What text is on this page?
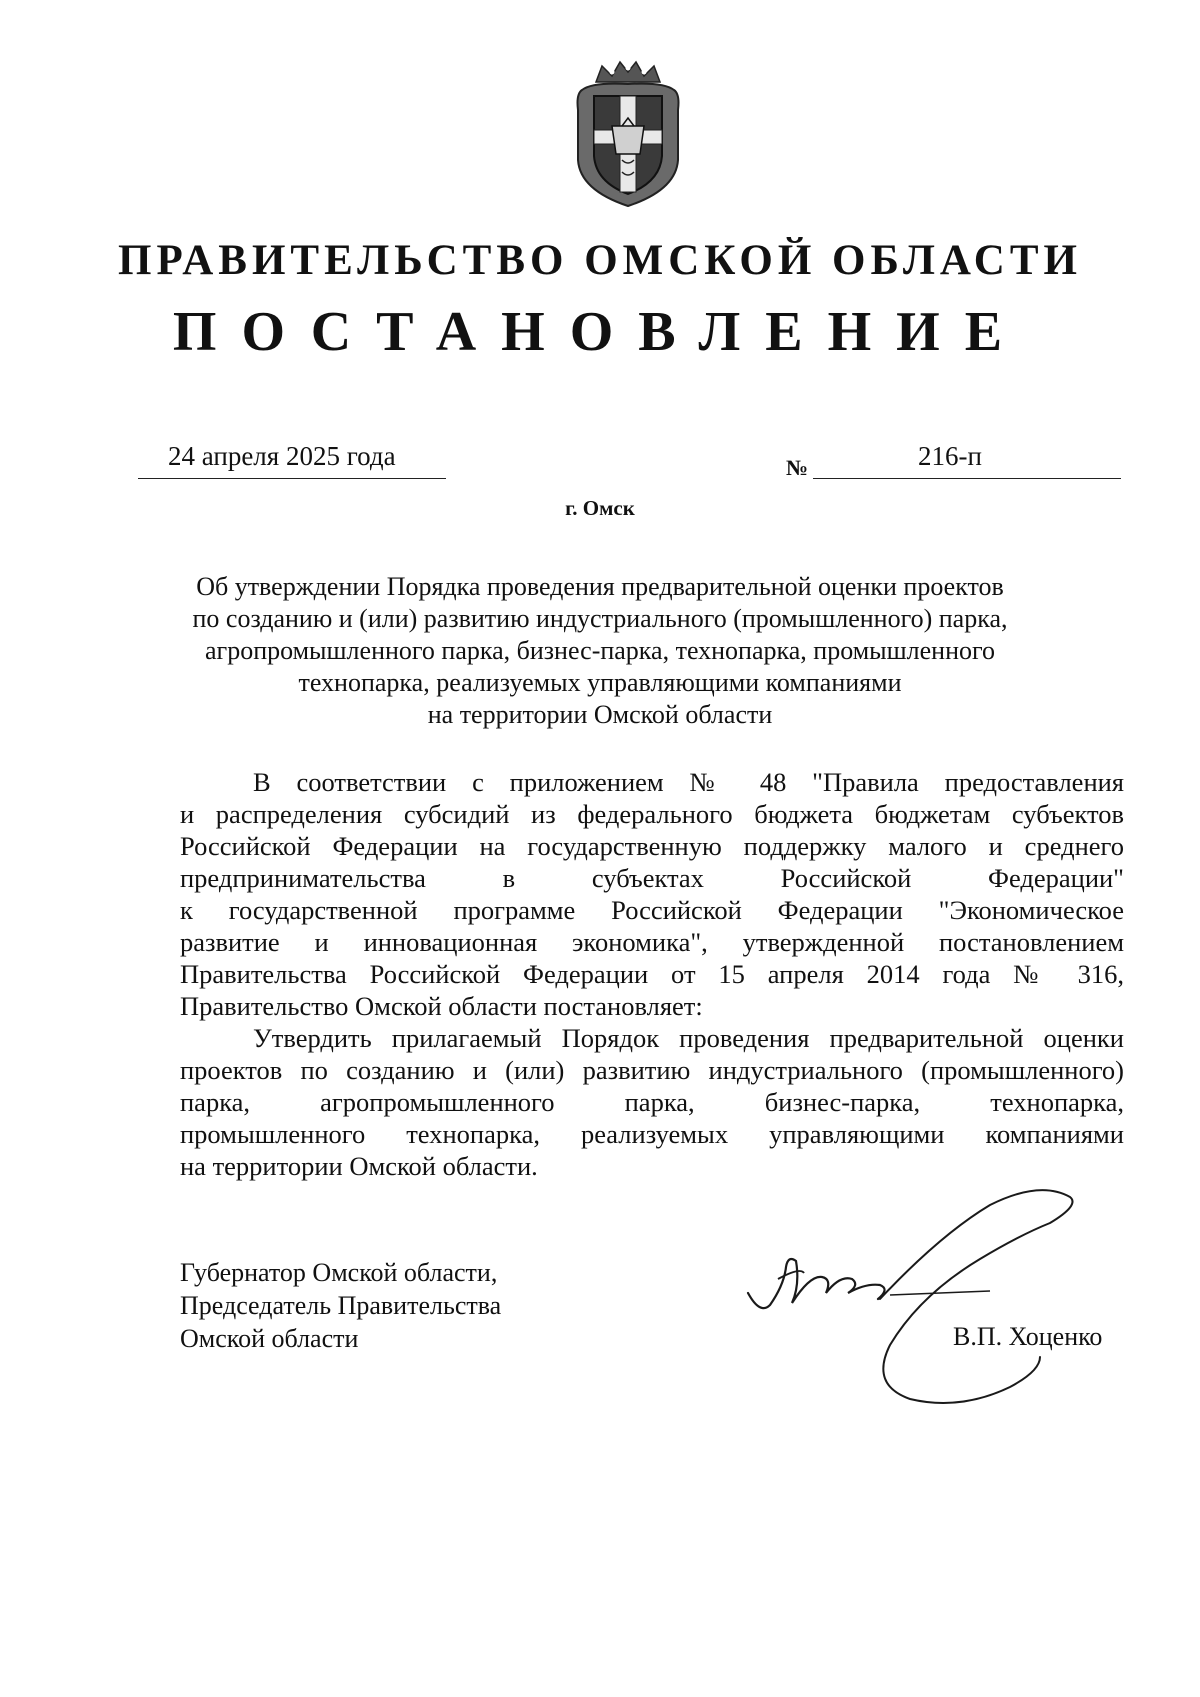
ПРАВИТЕЛЬСТВО ОМСКОЙ ОБЛАСТИ
ПОСТАНОВЛЕНИЕ
24 апреля 2025 года	№	216-п
г. Омск
Об утверждении Порядка проведения предварительной оценки проектов
по созданию и (или) развитию индустриального (промышленного) парка,
агропромышленного парка, бизнес-парка, технопарка, промышленного
технопарка, реализуемых управляющими компаниями
на территории Омской области
В соответствии с приложением № 48 "Правила предоставления
и распределения субсидий из федерального бюджета бюджетам субъектов
Российской Федерации на государственную поддержку малого и среднего
предпринимательства в субъектах Российской Федерации"
к государственной программе Российской Федерации "Экономическое
развитие и инновационная экономика", утвержденной постановлением
Правительства Российской Федерации от 15 апреля 2014 года № 316,
Правительство Омской области постановляет:
Утвердить прилагаемый Порядок проведения предварительной оценки
проектов по созданию и (или) развитию индустриального (промышленного)
парка, агропромышленного парка, бизнес-парка, технопарка,
промышленного технопарка, реализуемых управляющими компаниями
на территории Омской области.
Губернатор Омской области,
Председатель Правительства
Омской области	В.П. Хоценко
